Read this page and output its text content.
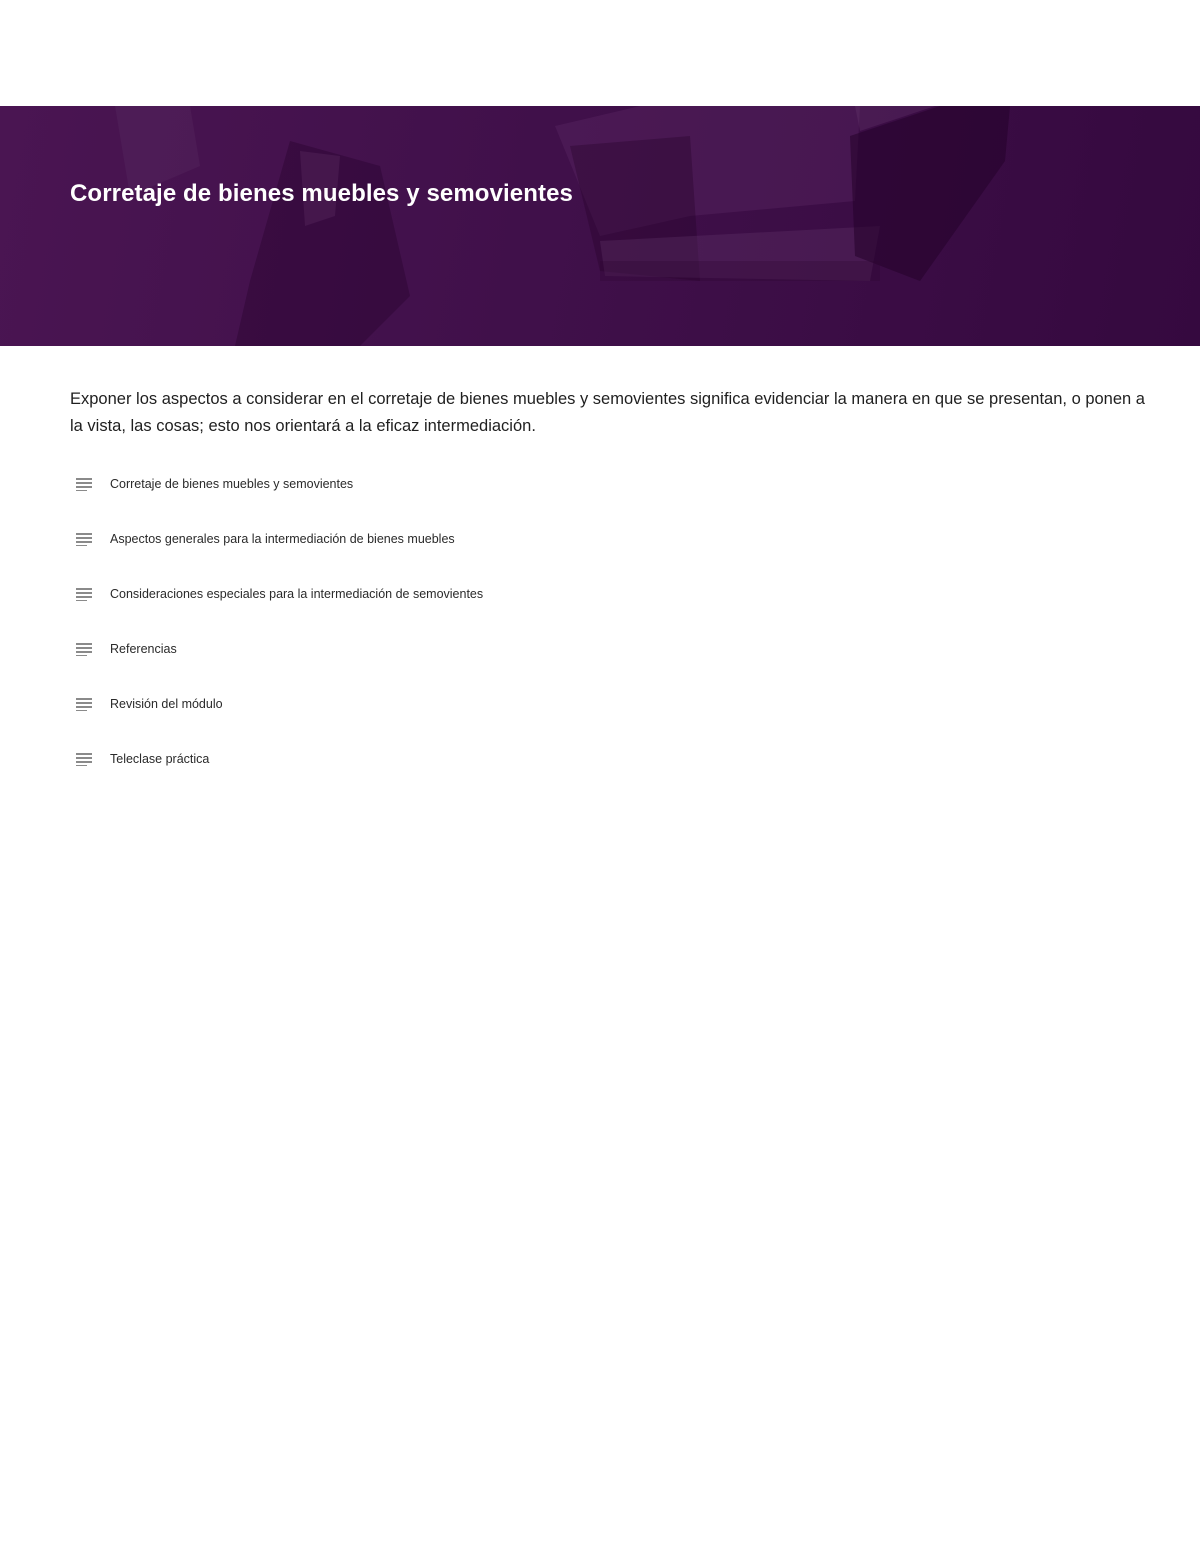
Corretaje de bienes muebles y semovientes

Exponer los aspectos a considerar en el corretaje de bienes muebles y semovientes significa evidenciar la manera en que se presentan, o ponen a la vista, las cosas; esto nos orientará a la eficaz intermediación.

Corretaje de bienes muebles y semovientes
Aspectos generales para la intermediación de bienes muebles
Consideraciones especiales para la intermediación de semovientes
Referencias
Revisión del módulo
Teleclase práctica
